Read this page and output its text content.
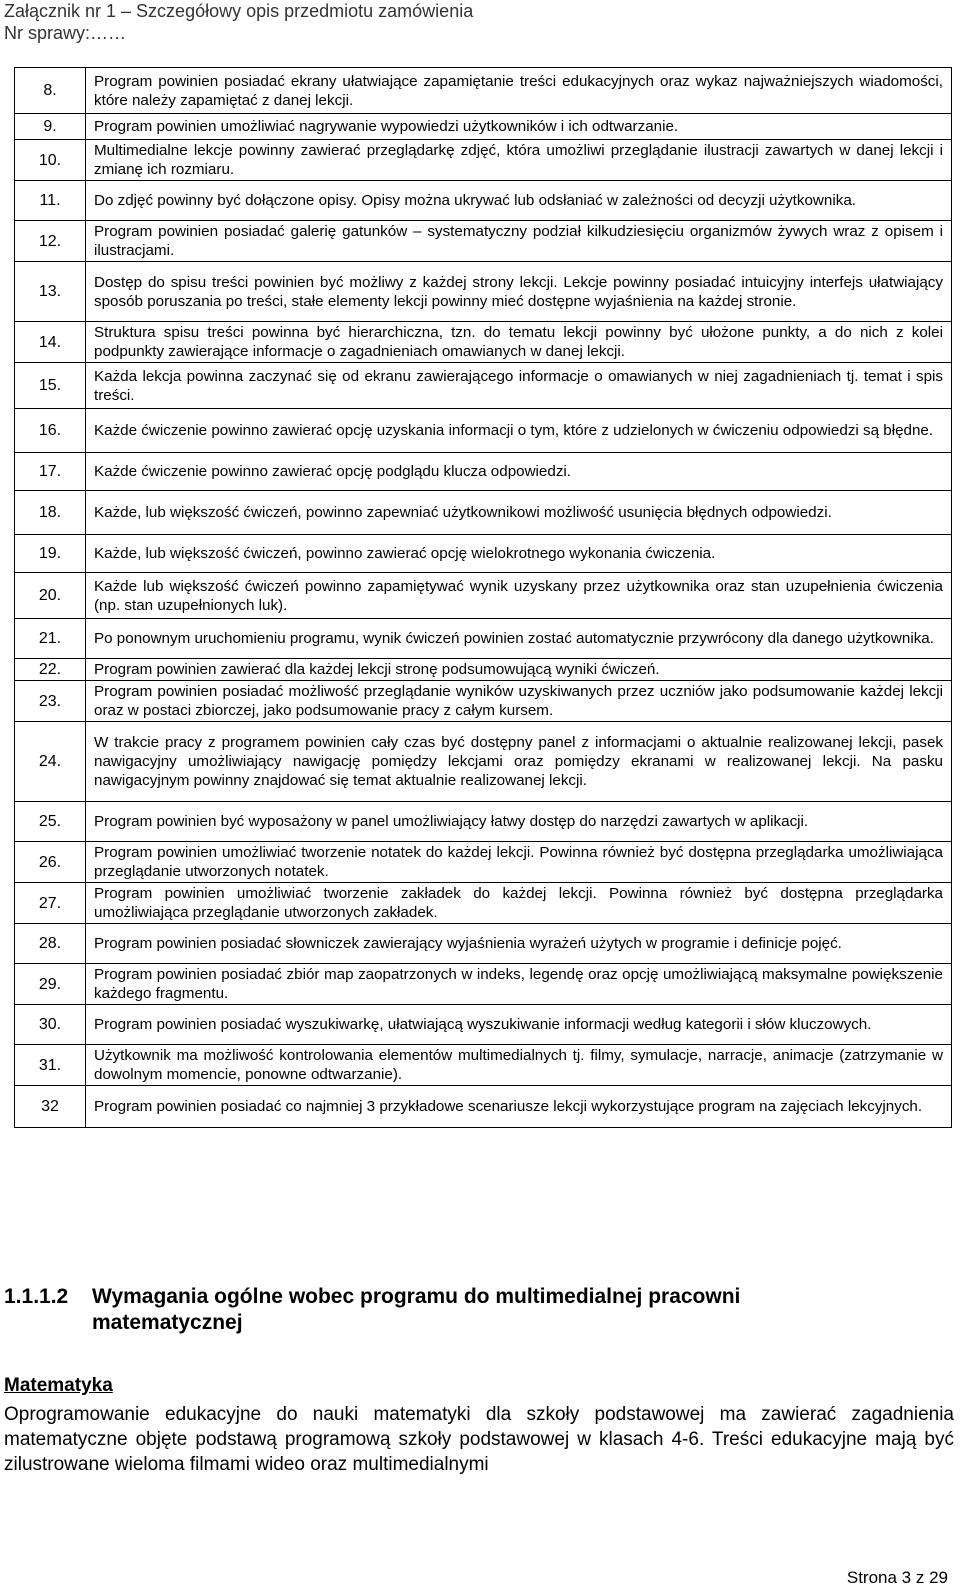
Załącznik nr 1 – Szczegółowy opis przedmiotu zamówienia
Nr sprawy:……
8.	Program powinien posiadać ekrany ułatwiające zapamiętanie treści edukacyjnych oraz wykaz najważniejszych wiadomości, które należy zapamiętać z danej lekcji.
9.	Program powinien umożliwiać nagrywanie wypowiedzi użytkowników i ich odtwarzanie.
10.	Multimedialne lekcje powinny zawierać przeglądarkę zdjęć, która umożliwi przeglądanie ilustracji zawartych w danej lekcji i zmianę ich rozmiaru.
11.	Do zdjęć powinny być dołączone opisy. Opisy można ukrywać lub odsłaniać w zależności od decyzji użytkownika.
12.	Program powinien posiadać galerię gatunków – systematyczny podział kilkudziesięciu organizmów żywych wraz z opisem i ilustracjami.
13.	Dostęp do spisu treści powinien być możliwy z każdej strony lekcji. Lekcje powinny posiadać intuicyjny interfejs ułatwiający sposób poruszania po treści, stałe elementy lekcji powinny mieć dostępne wyjaśnienia na każdej stronie.
14.	Struktura spisu treści powinna być hierarchiczna, tzn. do tematu lekcji powinny być ułożone punkty, a do nich z kolei podpunkty zawierające informacje o zagadnieniach omawianych w danej lekcji.
15.	Każda lekcja powinna zaczynać się od ekranu zawierającego informacje o omawianych w niej zagadnieniach tj. temat i spis treści.
16.	Każde ćwiczenie powinno zawierać opcję uzyskania informacji o tym, które z udzielonych w ćwiczeniu odpowiedzi są błędne.
17.	Każde ćwiczenie powinno zawierać opcję podglądu klucza odpowiedzi.
18.	Każde, lub większość ćwiczeń, powinno zapewniać użytkownikowi możliwość usunięcia błędnych odpowiedzi.
19.	Każde, lub większość ćwiczeń, powinno zawierać opcję wielokrotnego wykonania ćwiczenia.
20.	Każde lub większość ćwiczeń powinno zapamiętywać wynik uzyskany przez użytkownika oraz stan uzupełnienia ćwiczenia (np. stan uzupełnionych luk).
21.	Po ponownym uruchomieniu programu, wynik ćwiczeń powinien zostać automatycznie przywrócony dla danego użytkownika.
22.	Program powinien zawierać dla każdej lekcji stronę podsumowującą wyniki ćwiczeń.
23.	Program powinien posiadać możliwość przeglądanie wyników uzyskiwanych przez uczniów jako podsumowanie każdej lekcji oraz w postaci zbiorczej, jako podsumowanie pracy z całym kursem.
24.	W trakcie pracy z programem powinien cały czas być dostępny panel z informacjami o aktualnie realizowanej lekcji, pasek nawigacyjny umożliwiający nawigację pomiędzy lekcjami oraz pomiędzy ekranami w realizowanej lekcji. Na pasku nawigacyjnym powinny znajdować się temat aktualnie realizowanej lekcji.
25.	Program powinien być wyposażony w panel umożliwiający łatwy dostęp do narzędzi zawartych w aplikacji.
26.	Program powinien umożliwiać tworzenie notatek do każdej lekcji. Powinna również być dostępna przeglądarka umożliwiająca przeglądanie utworzonych notatek.
27.	Program powinien umożliwiać tworzenie zakładek do każdej lekcji. Powinna również być dostępna przeglądarka umożliwiająca przeglądanie utworzonych zakładek.
28.	Program powinien posiadać słowniczek zawierający wyjaśnienia wyrażeń użytych w programie i definicje pojęć.
29.	Program powinien posiadać zbiór map zaopatrzonych w indeks, legendę oraz opcję umożliwiającą maksymalne powiększenie każdego fragmentu.
30.	Program powinien posiadać wyszukiwarkę, ułatwiającą wyszukiwanie informacji według kategorii i słów kluczowych.
31.	Użytkownik ma możliwość kontrolowania elementów multimedialnych tj. filmy, symulacje, narracje, animacje (zatrzymanie w dowolnym momencie, ponowne odtwarzanie).
32	Program powinien posiadać co najmniej 3 przykładowe scenariusze lekcji wykorzystujące program na zajęciach lekcyjnych.
1.1.1.2 Wymagania ogólne wobec programu do multimedialnej pracowni
matematycznej
Matematyka
Oprogramowanie edukacyjne do nauki matematyki dla szkoły podstawowej ma zawierać zagadnienia matematyczne objęte podstawą programową szkoły podstawowej w klasach 4-6. Treści edukacyjne mają być zilustrowane wieloma filmami wideo oraz multimedialnymi
Strona 3 z 29
